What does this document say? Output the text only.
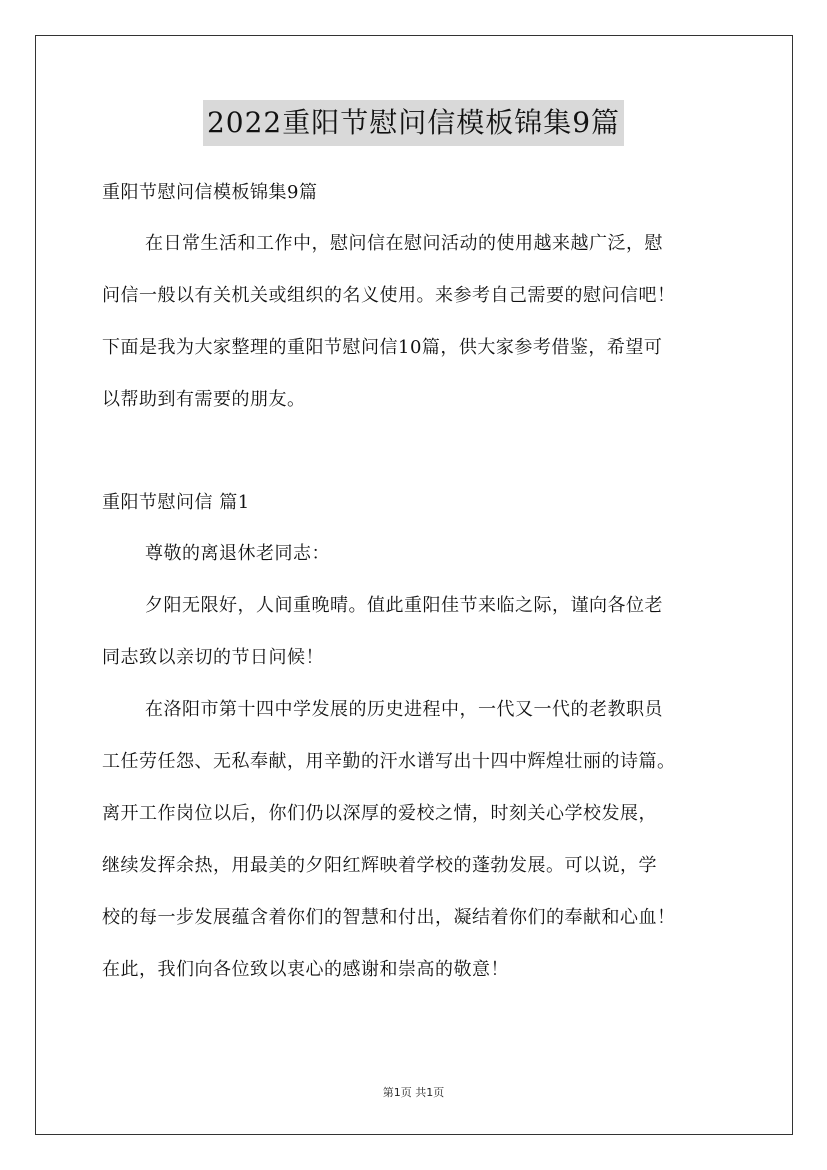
2022重阳节慰问信模板锦集9篇

重阳节慰问信模板锦集9篇

在日常生活和工作中，慰问信在慰问活动的使用越来越广泛，慰

问信一般以有关机关或组织的名义使用。来参考自己需要的慰问信吧！

下面是我为大家整理的重阳节慰问信10篇，供大家参考借鉴，希望可

以帮助到有需要的朋友。

重阳节慰问信 篇1

尊敬的离退休老同志：

夕阳无限好，人间重晚晴。值此重阳佳节来临之际，谨向各位老

同志致以亲切的节日问候！

在洛阳市第十四中学发展的历史进程中，一代又一代的老教职员

工任劳任怨、无私奉献，用辛勤的汗水谱写出十四中辉煌壮丽的诗篇。

离开工作岗位以后，你们仍以深厚的爱校之情，时刻关心学校发展，

继续发挥余热，用最美的夕阳红辉映着学校的蓬勃发展。可以说，学

校的每一步发展蕴含着你们的智慧和付出，凝结着你们的奉献和心血！

在此，我们向各位致以衷心的感谢和崇高的敬意！

第1页 共1页
